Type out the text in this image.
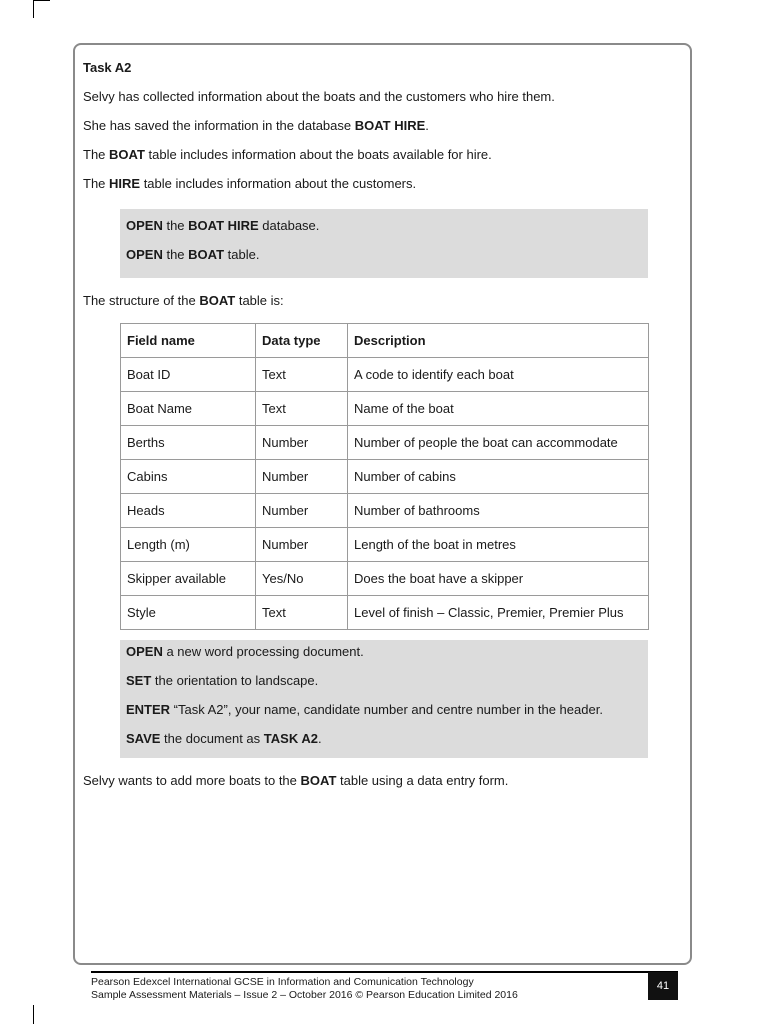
Task A2

Selvy has collected information about the boats and the customers who hire them.

She has saved the information in the database BOAT HIRE.

The BOAT table includes information about the boats available for hire.

The HIRE table includes information about the customers.

OPEN the BOAT HIRE database.

OPEN the BOAT table.

The structure of the BOAT table is:

Field name	Data type	Description
Boat ID	Text	A code to identify each boat
Boat Name	Text	Name of the boat
Berths	Number	Number of people the boat can accommodate
Cabins	Number	Number of cabins
Heads	Number	Number of bathrooms
Length (m)	Number	Length of the boat in metres
Skipper available	Yes/No	Does the boat have a skipper
Style	Text	Level of finish – Classic, Premier, Premier Plus

OPEN a new word processing document.

SET the orientation to landscape.

ENTER “Task A2”, your name, candidate number and centre number in the header.

SAVE the document as TASK A2.

Selvy wants to add more boats to the BOAT table using a data entry form.

Pearson Edexcel International GCSE in Information and Comunication Technology
Sample Assessment Materials – Issue 2 – October 2016 © Pearson Education Limited 2016
41
